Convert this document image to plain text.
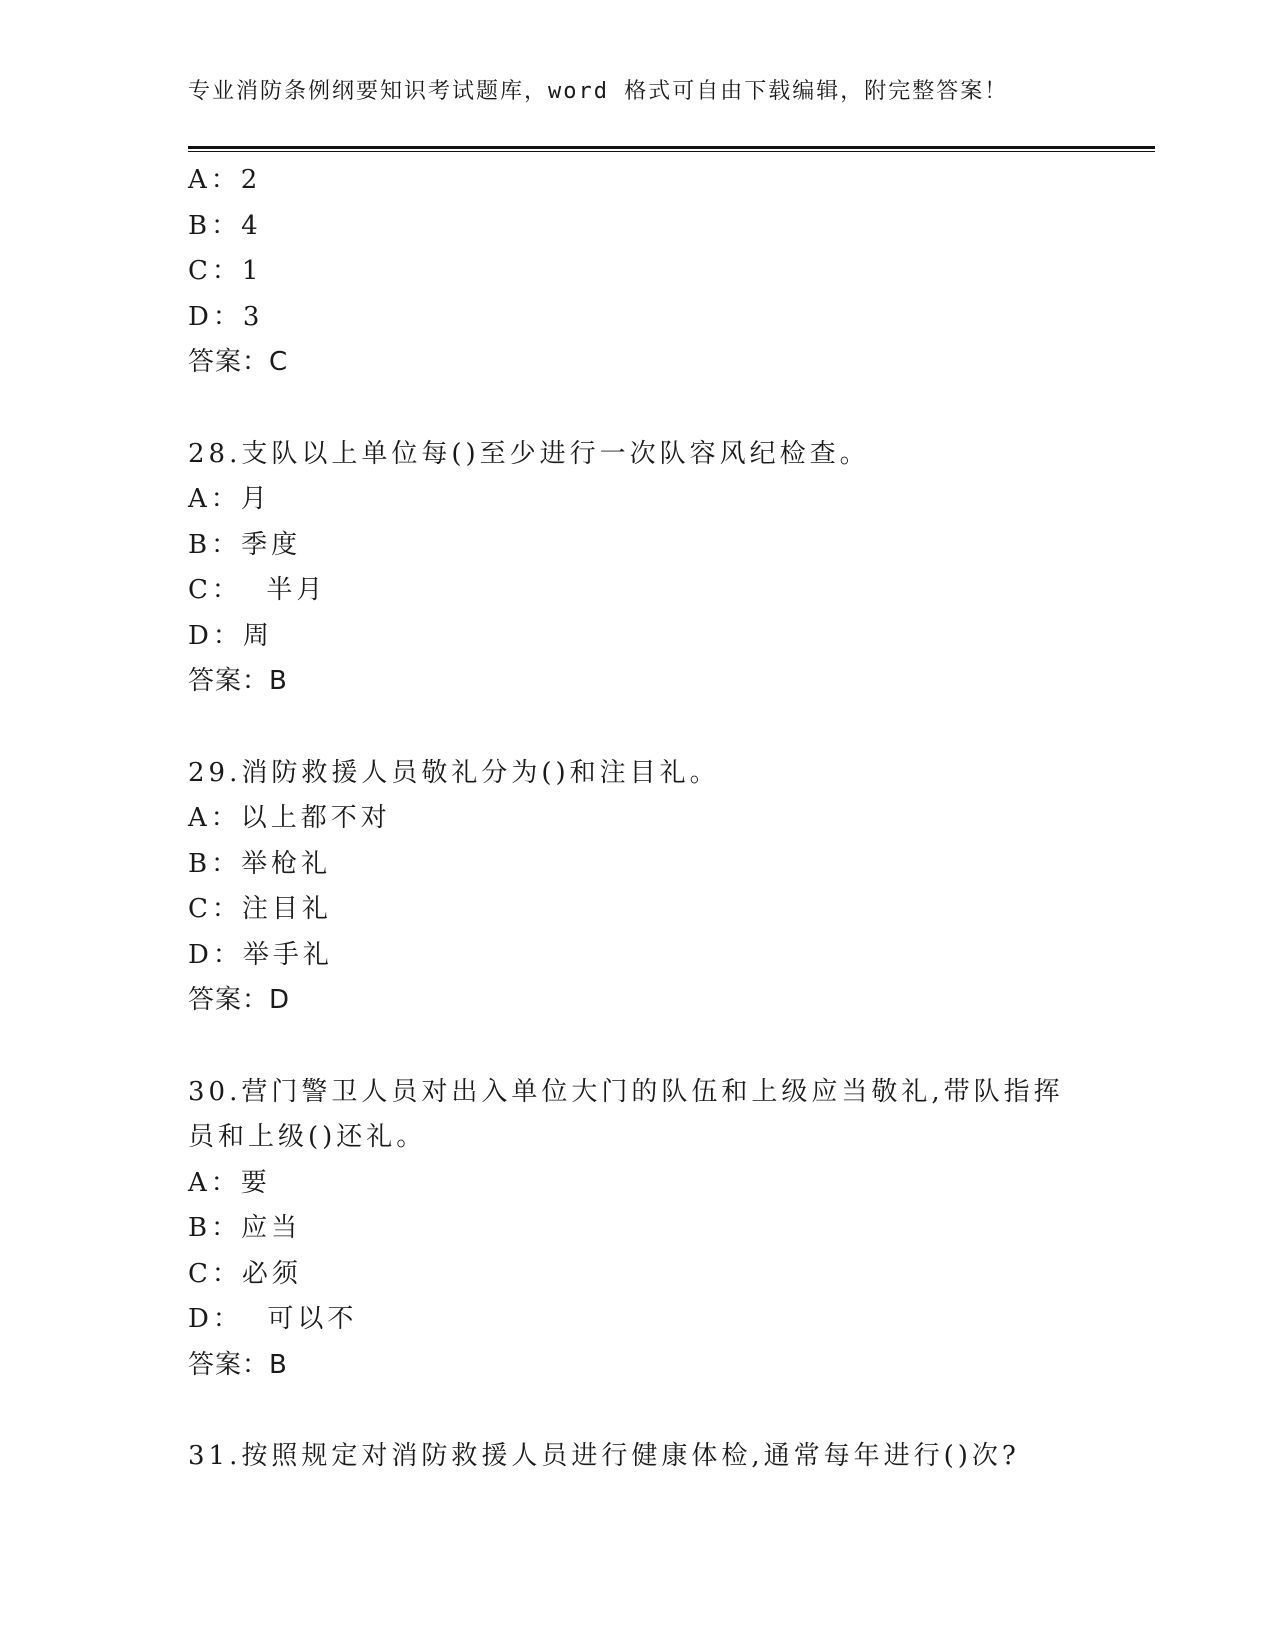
专业消防条例纲要知识考试题库，word 格式可自由下载编辑，附完整答案！
A：2
B：4
C：1
D：3
答案：C
28.支队以上单位每()至少进行一次队容风纪检查。
A：月
B：季度
C：  半月
D：周
答案：B
29.消防救援人员敬礼分为()和注目礼。
A：以上都不对
B：举枪礼
C：注目礼
D：举手礼
答案：D
30.营门警卫人员对出入单位大门的队伍和上级应当敬礼,带队指挥员和上级()还礼。
A：要
B：应当
C：必须
D：  可以不
答案：B
31.按照规定对消防救援人员进行健康体检,通常每年进行()次?
